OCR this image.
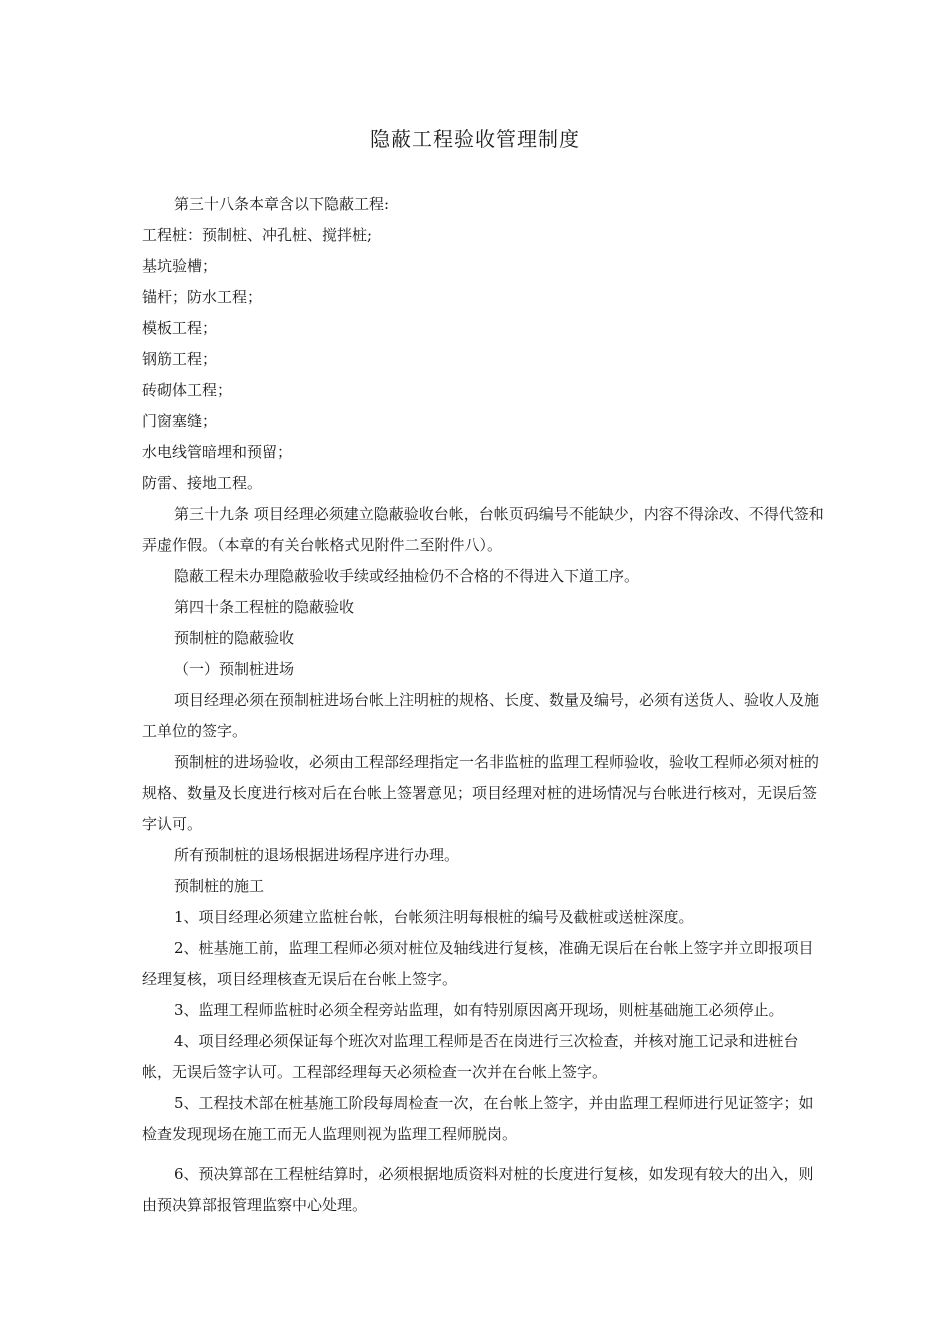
隐蔽工程验收管理制度

第三十八条本章含以下隐蔽工程:

工程桩：预制桩、冲孔桩、搅拌桩;

基坑验槽；

锚杆；防水工程；

模板工程；

钢筋工程；

砖砌体工程；

门窗塞缝；

水电线管暗埋和预留；

防雷、接地工程。

第三十九条 项目经理必须建立隐蔽验收台帐，台帐页码编号不能缺少，内容不得涂改、不得代签和弄虚作假。（本章的有关台帐格式见附件二至附件八）。

隐蔽工程未办理隐蔽验收手续或经抽检仍不合格的不得进入下道工序。

第四十条工程桩的隐蔽验收

预制桩的隐蔽验收

（一）预制桩进场

项目经理必须在预制桩进场台帐上注明桩的规格、长度、数量及编号，必须有送货人、验收人及施工单位的签字。

预制桩的进场验收，必须由工程部经理指定一名非监桩的监理工程师验收，验收工程师必须对桩的规格、数量及长度进行核对后在台帐上签署意见；项目经理对桩的进场情况与台帐进行核对，无误后签字认可。

所有预制桩的退场根据进场程序进行办理。

预制桩的施工

1、项目经理必须建立监桩台帐，台帐须注明每根桩的编号及截桩或送桩深度。

2、桩基施工前，监理工程师必须对桩位及轴线进行复核，准确无误后在台帐上签字并立即报项目经理复核，项目经理核查无误后在台帐上签字。

3、监理工程师监桩时必须全程旁站监理，如有特别原因离开现场，则桩基础施工必须停止。

4、项目经理必须保证每个班次对监理工程师是否在岗进行三次检查，并核对施工记录和进桩台帐，无误后签字认可。工程部经理每天必须检查一次并在台帐上签字。

5、工程技术部在桩基施工阶段每周检查一次，在台帐上签字，并由监理工程师进行见证签字；如检查发现现场在施工而无人监理则视为监理工程师脱岗。

6、预决算部在工程桩结算时，必须根据地质资料对桩的长度进行复核，如发现有较大的出入，则由预决算部报管理监察中心处理。
